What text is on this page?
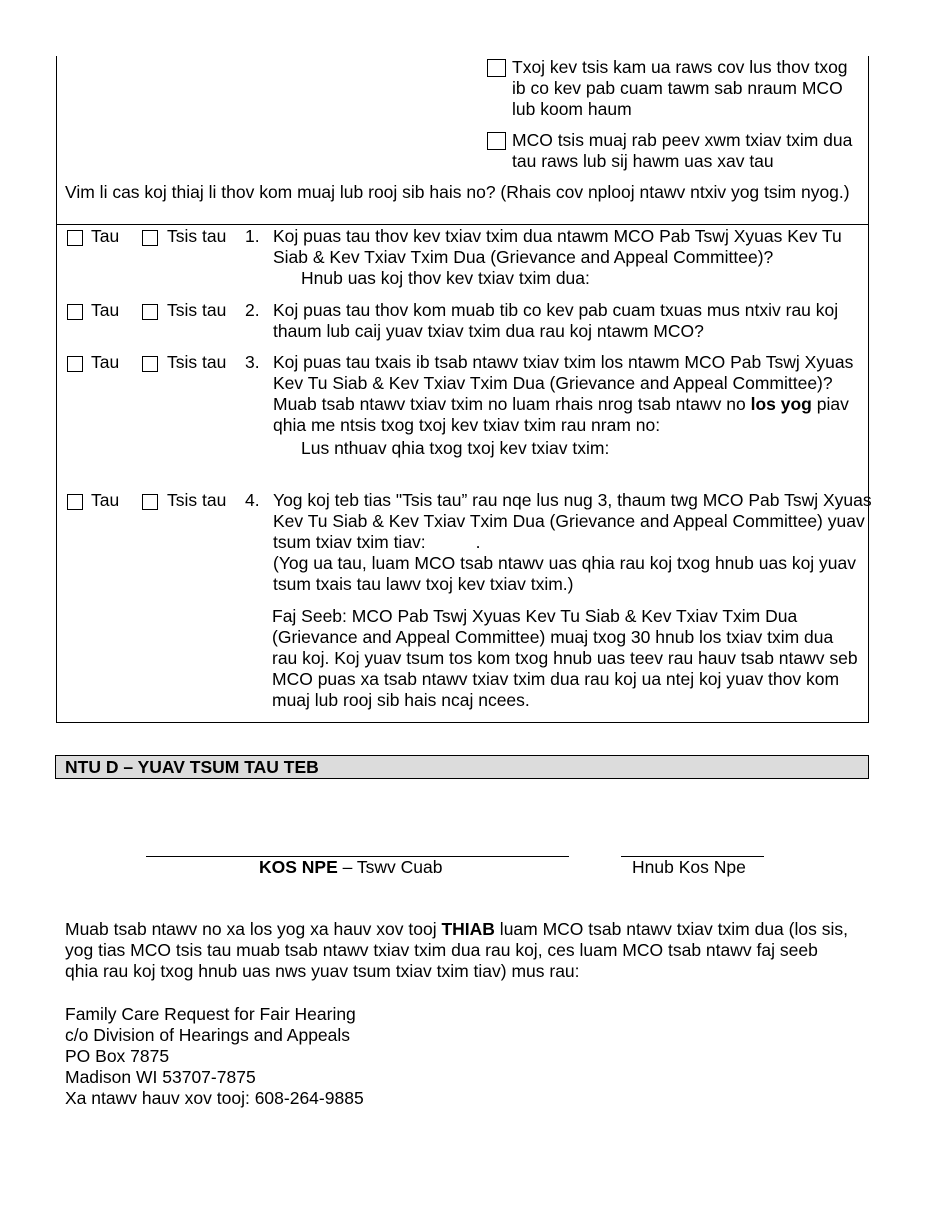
Txoj kev tsis kam ua raws cov lus thov txog ib co kev pab cuam tawm sab nraum MCO lub koom haum
MCO tsis muaj rab peev xwm txiav txim dua tau raws lub sij hawm uas xav tau
Vim li cas koj thiaj li thov kom muaj lub rooj sib hais no? (Rhais cov nplooj ntawv ntxiv yog tsim nyog.)
Tau	Tsis tau 1. Koj puas tau thov kev txiav txim dua ntawm MCO Pab Tswj Xyuas Kev Tu Siab & Kev Txiav Txim Dua (Grievance and Appeal Committee)?
Hnub uas koj thov kev txiav txim dua:
Tau	Tsis tau 2. Koj puas tau thov kom muab tib co kev pab cuam txuas mus ntxiv rau koj thaum lub caij yuav txiav txim dua rau koj ntawm MCO?
Tau	Tsis tau 3. Koj puas tau txais ib tsab ntawv txiav txim los ntawm MCO Pab Tswj Xyuas Kev Tu Siab & Kev Txiav Txim Dua (Grievance and Appeal Committee)? Muab tsab ntawv txiav txim no luam rhais nrog tsab ntawv no los yog piav qhia me ntsis txog txoj kev txiav txim rau nram no:
Lus nthuav qhia txog txoj kev txiav txim:
Tau	Tsis tau 4. Yog koj teb tias "Tsis tau” rau nqe lus nug 3, thaum twg MCO Pab Tswj Xyuas Kev Tu Siab & Kev Txiav Txim Dua (Grievance and Appeal Committee) yuav tsum txiav txim tiav:	.
(Yog ua tau, luam MCO tsab ntawv uas qhia rau koj txog hnub uas koj yuav tsum txais tau lawv txoj kev txiav txim.)
Faj Seeb: MCO Pab Tswj Xyuas Kev Tu Siab & Kev Txiav Txim Dua (Grievance and Appeal Committee) muaj txog 30 hnub los txiav txim dua rau koj. Koj yuav tsum tos kom txog hnub uas teev rau hauv tsab ntawv seb MCO puas xa tsab ntawv txiav txim dua rau koj ua ntej koj yuav thov kom muaj lub rooj sib hais ncaj ncees.
NTU D – YUAV TSUM TAU TEB
KOS NPE – Tswv Cuab	Hnub Kos Npe
Muab tsab ntawv no xa los yog xa hauv xov tooj THIAB luam MCO tsab ntawv txiav txim dua (los sis, yog tias MCO tsis tau muab tsab ntawv txiav txim dua rau koj, ces luam MCO tsab ntawv faj seeb qhia rau koj txog hnub uas nws yuav tsum txiav txim tiav) mus rau:
Family Care Request for Fair Hearing
c/o Division of Hearings and Appeals
PO Box 7875
Madison WI 53707-7875
Xa ntawv hauv xov tooj: 608-264-9885
